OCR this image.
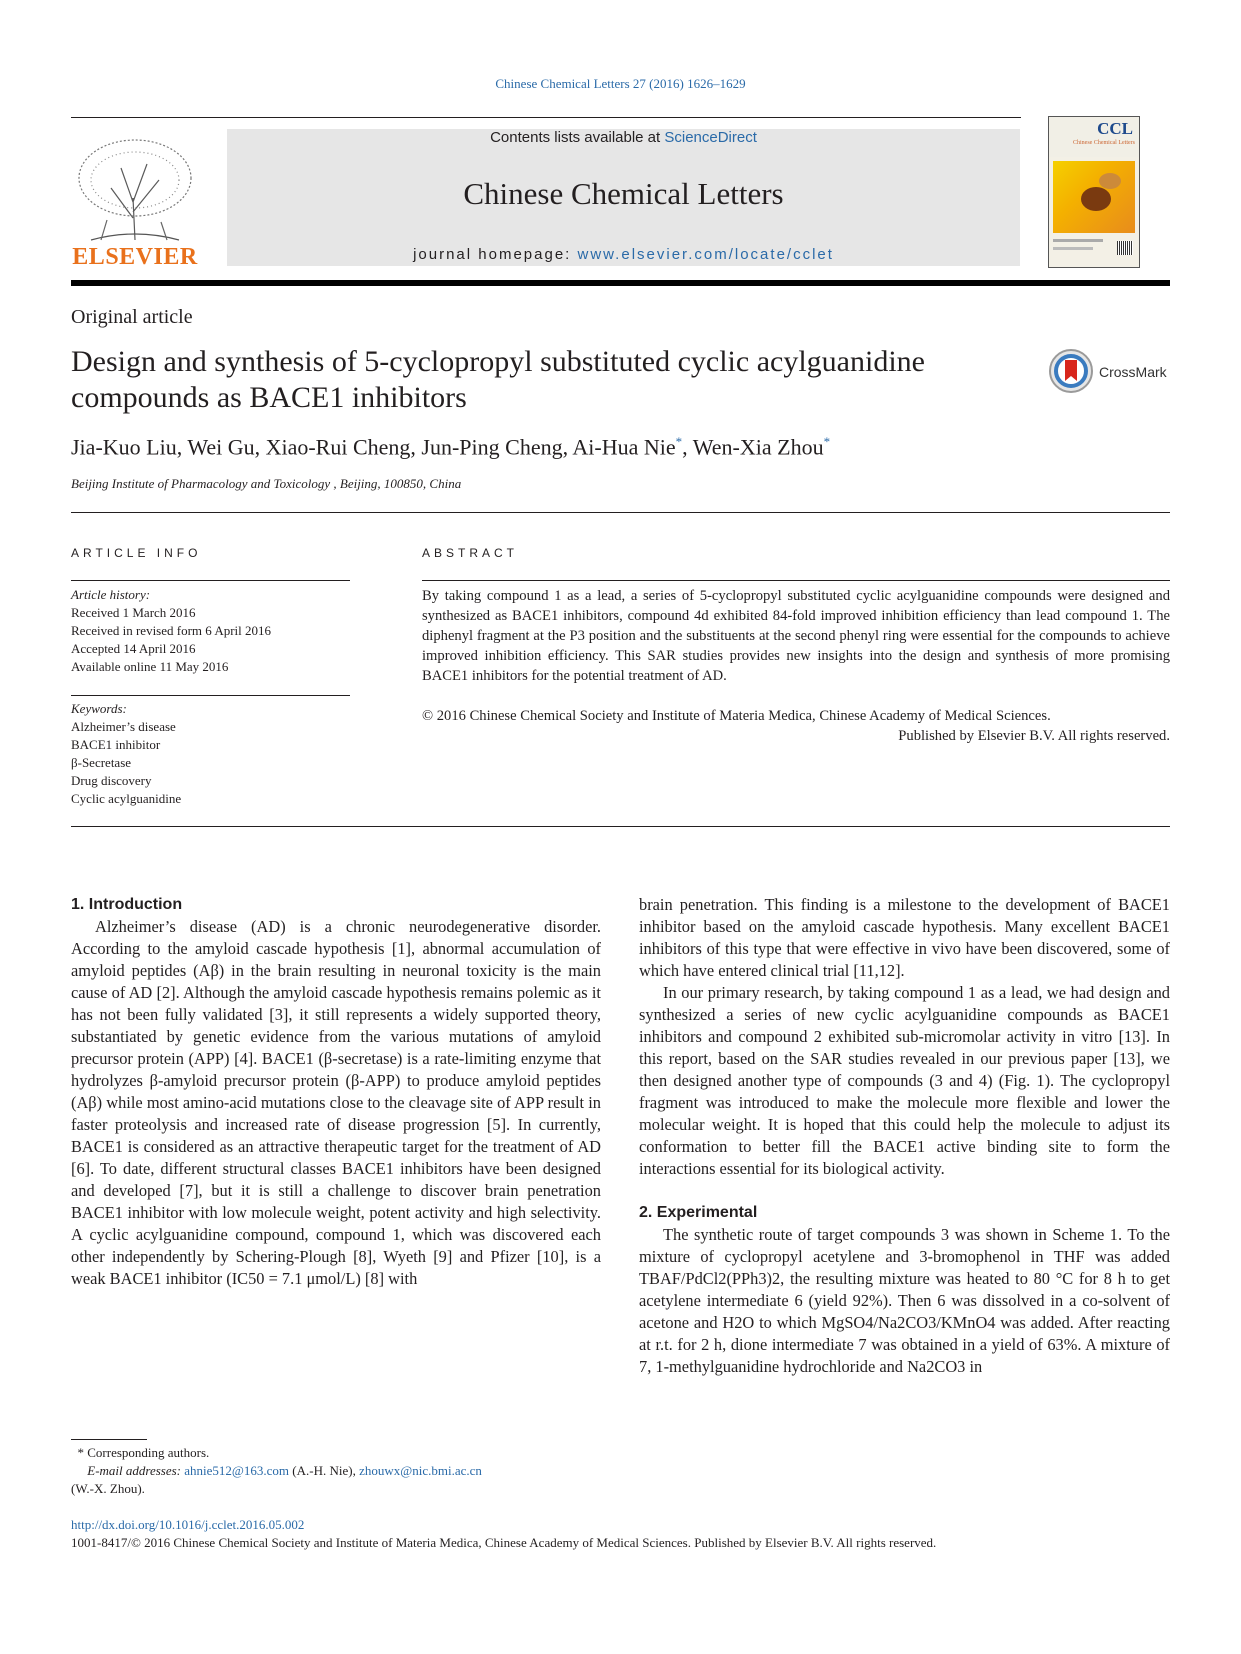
Chinese Chemical Letters 27 (2016) 1626–1629
ELSEVIER
Contents lists available at ScienceDirect
Chinese Chemical Letters
journal homepage: www.elsevier.com/locate/cclet
CCL
Chinese Chemical Letters
Original article
Design and synthesis of 5-cyclopropyl substituted cyclic acylguanidine compounds as BACE1 inhibitors
CrossMark
Jia-Kuo Liu, Wei Gu, Xiao-Rui Cheng, Jun-Ping Cheng, Ai-Hua Nie*, Wen-Xia Zhou*
Beijing Institute of Pharmacology and Toxicology , Beijing, 100850, China
ARTICLE INFO
Article history:
Received 1 March 2016
Received in revised form 6 April 2016
Accepted 14 April 2016
Available online 11 May 2016
Keywords:
Alzheimer’s disease
BACE1 inhibitor
β-Secretase
Drug discovery
Cyclic acylguanidine
ABSTRACT
By taking compound 1 as a lead, a series of 5-cyclopropyl substituted cyclic acylguanidine compounds were designed and synthesized as BACE1 inhibitors, compound 4d exhibited 84-fold improved inhibition efficiency than lead compound 1. The diphenyl fragment at the P3 position and the substituents at the second phenyl ring were essential for the compounds to achieve improved inhibition efficiency. This SAR studies provides new insights into the design and synthesis of more promising BACE1 inhibitors for the potential treatment of AD.
© 2016 Chinese Chemical Society and Institute of Materia Medica, Chinese Academy of Medical Sciences.
Published by Elsevier B.V. All rights reserved.

1. Introduction

Alzheimer’s disease (AD) is a chronic neurodegenerative disorder. According to the amyloid cascade hypothesis [1], abnormal accumulation of amyloid peptides (Aβ) in the brain resulting in neuronal toxicity is the main cause of AD [2]. Although the amyloid cascade hypothesis remains polemic as it has not been fully validated [3], it still represents a widely supported theory, substantiated by genetic evidence from the various mutations of amyloid precursor protein (APP) [4]. BACE1 (β-secretase) is a rate-limiting enzyme that hydrolyzes β-amyloid precursor protein (β-APP) to produce amyloid peptides (Aβ) while most amino-acid mutations close to the cleavage site of APP result in faster proteolysis and increased rate of disease progression [5]. In currently, BACE1 is considered as an attractive therapeutic target for the treatment of AD [6]. To date, different structural classes BACE1 inhibitors have been designed and developed [7], but it is still a challenge to discover brain penetration BACE1 inhibitor with low molecule weight, potent activity and high selectivity. A cyclic acylguanidine compound, compound 1, which was discovered each other independently by Schering-Plough [8], Wyeth [9] and Pfizer [10], is a weak BACE1 inhibitor (IC50 = 7.1 μmol/L) [8] with

brain penetration. This finding is a milestone to the development of BACE1 inhibitor based on the amyloid cascade hypothesis. Many excellent BACE1 inhibitors of this type that were effective in vivo have been discovered, some of which have entered clinical trial [11,12].

In our primary research, by taking compound 1 as a lead, we had design and synthesized a series of new cyclic acylguanidine compounds as BACE1 inhibitors and compound 2 exhibited sub-micromolar activity in vitro [13]. In this report, based on the SAR studies revealed in our previous paper [13], we then designed another type of compounds (3 and 4) (Fig. 1). The cyclopropyl fragment was introduced to make the molecule more flexible and lower the molecular weight. It is hoped that this could help the molecule to adjust its conformation to better fill the BACE1 active binding site to form the interactions essential for its biological activity.

2. Experimental

The synthetic route of target compounds 3 was shown in Scheme 1. To the mixture of cyclopropyl acetylene and 3-bromophenol in THF was added TBAF/PdCl2(PPh3)2, the resulting mixture was heated to 80 °C for 8 h to get acetylene intermediate 6 (yield 92%). Then 6 was dissolved in a co-solvent of acetone and H2O to which MgSO4/Na2CO3/KMnO4 was added. After reacting at r.t. for 2 h, dione intermediate 7 was obtained in a yield of 63%. A mixture of 7, 1-methylguanidine hydrochloride and Na2CO3 in

* Corresponding authors.
E-mail addresses: ahnie512@163.com (A.-H. Nie), zhouwx@nic.bmi.ac.cn
(W.-X. Zhou).
http://dx.doi.org/10.1016/j.cclet.2016.05.002
1001-8417/© 2016 Chinese Chemical Society and Institute of Materia Medica, Chinese Academy of Medical Sciences. Published by Elsevier B.V. All rights reserved.
